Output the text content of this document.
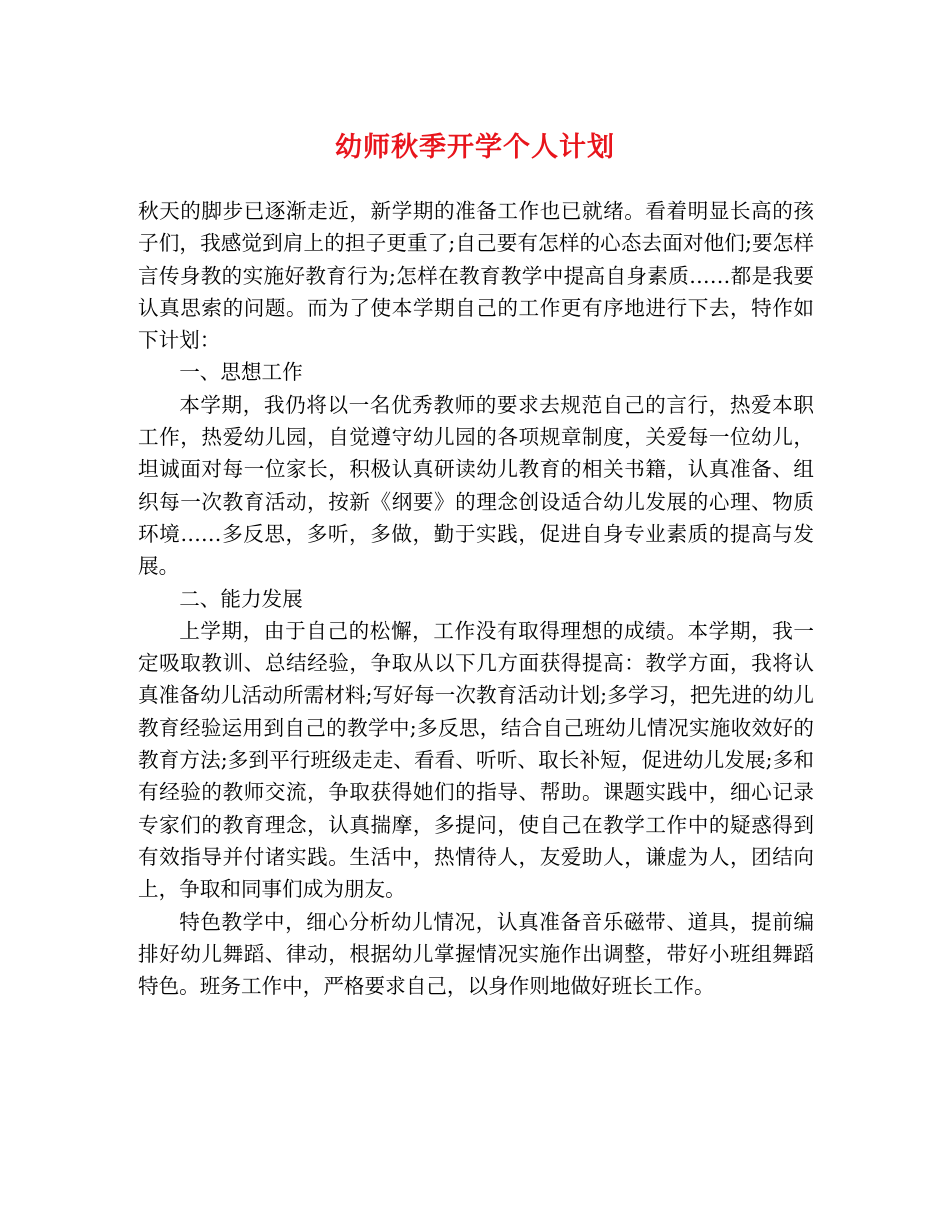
幼师秋季开学个人计划

秋天的脚步已逐渐走近，新学期的准备工作也已就绪。看着明显长高的孩子们，我感觉到肩上的担子更重了;自己要有怎样的心态去面对他们;要怎样言传身教的实施好教育行为;怎样在教育教学中提高自身素质……都是我要认真思索的问题。而为了使本学期自己的工作更有序地进行下去，特作如下计划：

一、思想工作

本学期，我仍将以一名优秀教师的要求去规范自己的言行，热爱本职工作，热爱幼儿园，自觉遵守幼儿园的各项规章制度，关爱每一位幼儿，坦诚面对每一位家长，积极认真研读幼儿教育的相关书籍，认真准备、组织每一次教育活动，按新《纲要》的理念创设适合幼儿发展的心理、物质环境……多反思，多听，多做，勤于实践，促进自身专业素质的提高与发展。

二、能力发展

上学期，由于自己的松懈，工作没有取得理想的成绩。本学期，我一定吸取教训、总结经验，争取从以下几方面获得提高：教学方面，我将认真准备幼儿活动所需材料;写好每一次教育活动计划;多学习，把先进的幼儿教育经验运用到自己的教学中;多反思，结合自己班幼儿情况实施收效好的教育方法;多到平行班级走走、看看、听听、取长补短，促进幼儿发展;多和有经验的教师交流，争取获得她们的指导、帮助。课题实践中，细心记录专家们的教育理念，认真揣摩，多提问，使自己在教学工作中的疑惑得到有效指导并付诸实践。生活中，热情待人，友爱助人，谦虚为人，团结向上，争取和同事们成为朋友。

特色教学中，细心分析幼儿情况，认真准备音乐磁带、道具，提前编排好幼儿舞蹈、律动，根据幼儿掌握情况实施作出调整，带好小班组舞蹈特色。班务工作中，严格要求自己，以身作则地做好班长工作。
